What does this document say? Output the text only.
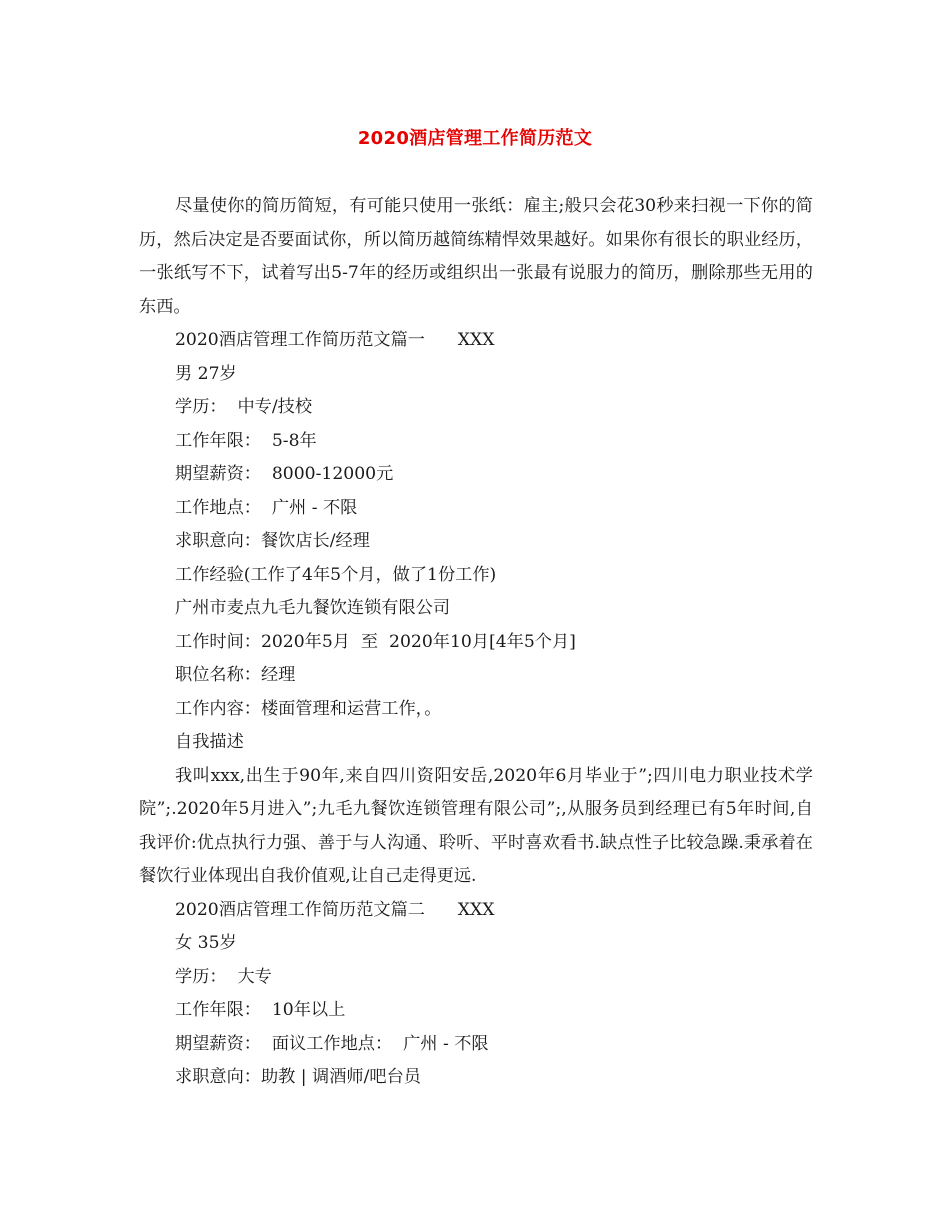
2020酒店管理工作简历范文

尽量使你的简历简短，有可能只使用一张纸：雇主;般只会花30秒来扫视一下你的简历，然后决定是否要面试你，所以简历越简练精悍效果越好。如果你有很长的职业经历，一张纸写不下，试着写出5-7年的经历或组织出一张最有说服力的简历，删除那些无用的东西。

2020酒店管理工作简历范文篇一      XXX

男 27岁

学历：  中专/技校

工作年限：  5-8年

期望薪资：  8000-12000元

工作地点：  广州 - 不限

求职意向：餐饮店长/经理

工作经验(工作了4年5个月，做了1份工作)

广州市麦点九毛九餐饮连锁有限公司

工作时间：2020年5月  至  2020年10月[4年5个月]

职位名称：经理

工作内容：楼面管理和运营工作，。

自我描述

我叫xxx,出生于90年,来自四川资阳安岳,2020年6月毕业于”;四川电力职业技术学院”;.2020年5月进入”;九毛九餐饮连锁管理有限公司”;,从服务员到经理已有5年时间,自我评价:优点执行力强、善于与人沟通、聆听、平时喜欢看书.缺点性子比较急躁.秉承着在餐饮行业体现出自我价值观,让自己走得更远.

2020酒店管理工作简历范文篇二      XXX

女 35岁

学历：  大专

工作年限：  10年以上

期望薪资：  面议工作地点：  广州 - 不限

求职意向：助教 | 调酒师/吧台员
